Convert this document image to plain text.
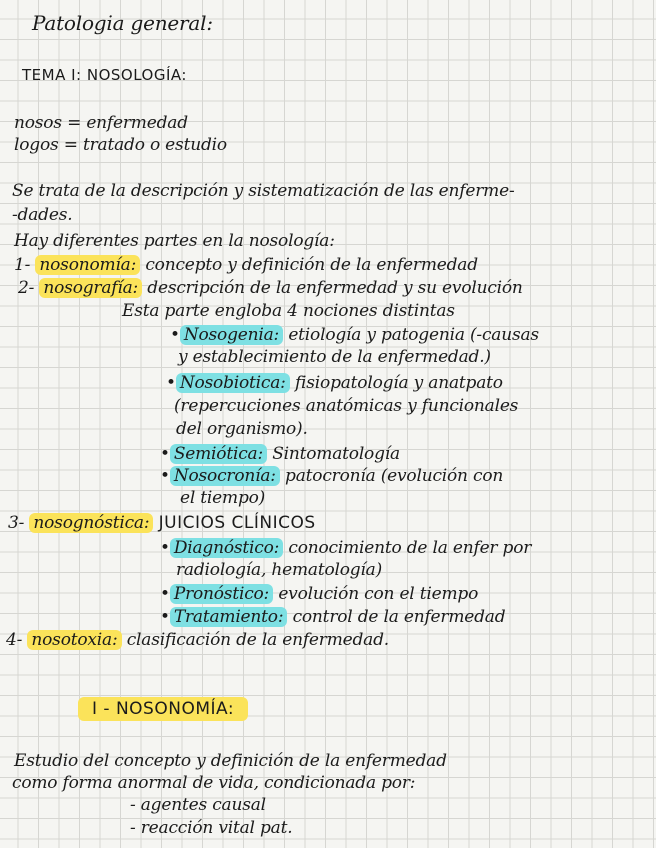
Patologia general:
TEMA I: NOSOLOGÍA:
nosos = enfermedad
logos = tratado o estudio
Se trata de la descripción y sistematización de las enferme-
-dades.
Hay diferentes partes en la nosología:
1- nosonomía: concepto y definición de la enfermedad
2- nosografía: descripción de la enfermedad y su evolución
Esta parte engloba 4 nociones distintas
• Nosogenia: etiología y patogenia (-causas
y establecimiento de la enfermedad.)
• Nosobiotica: fisiopatología y anatpato
(repercuciones anatómicas y funcionales
del organismo).
• Semiótica: Sintomatología
• Nosocronía: patocronía (evolución con
el tiempo)
3- nosognóstica: JUICIOS CLÍNICOS
• Diagnóstico: conocimiento de la enfer por
radiología, hematología)
• Pronóstico: evolución con el tiempo
• Tratamiento: control de la enfermedad
4- nosotoxia: clasificación de la enfermedad.
I - NOSONOMÍA:
Estudio del concepto y definición de la enfermedad
como forma anormal de vida, condicionada por:
- agentes causal
- reacción vital pat.
